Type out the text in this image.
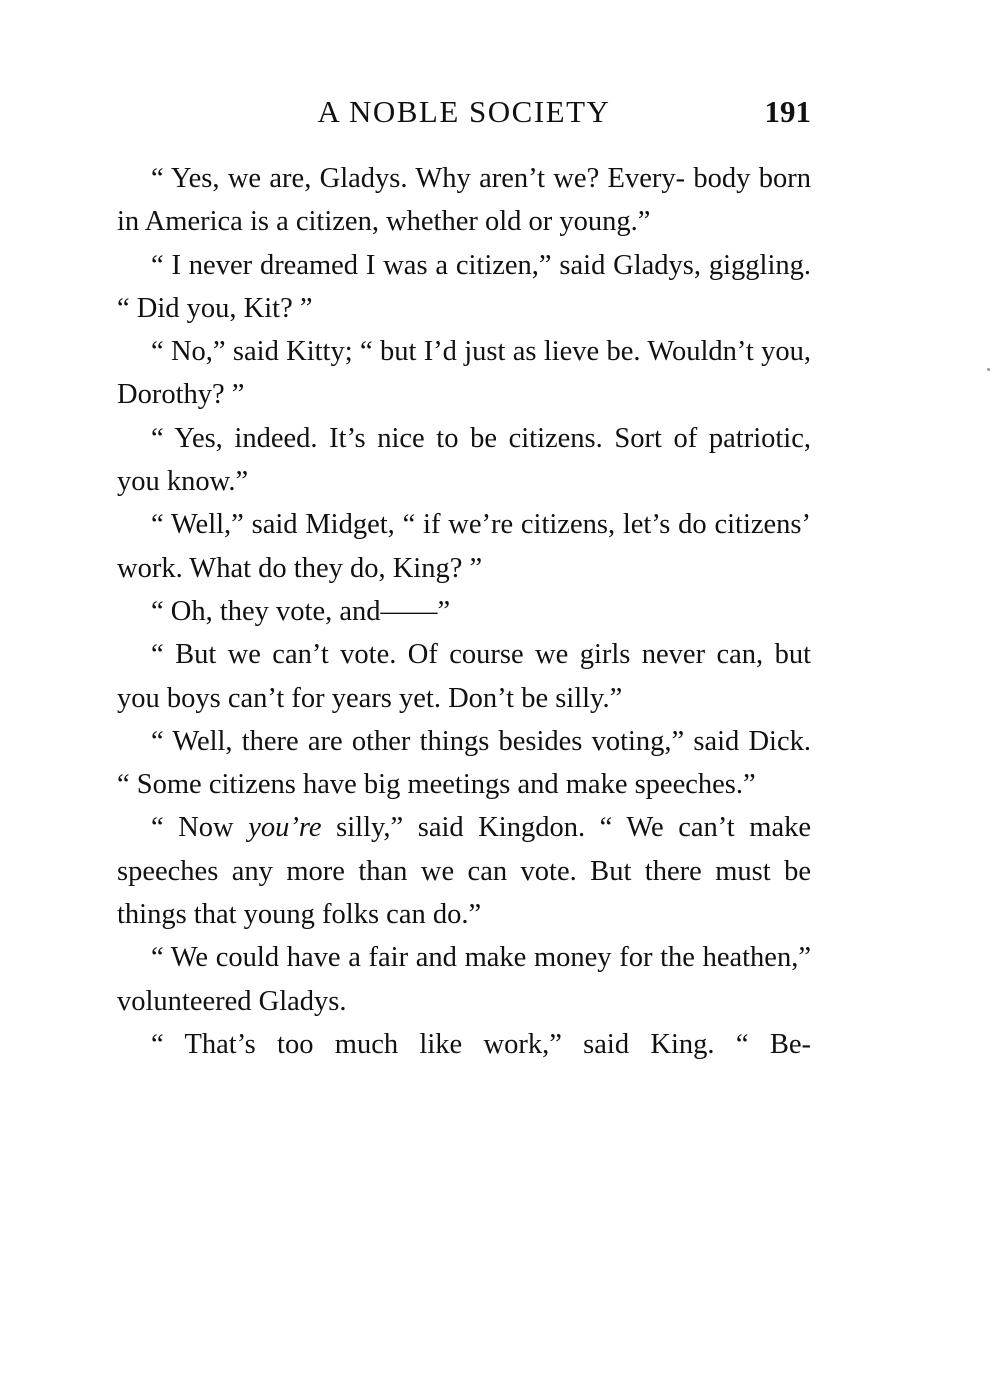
A NOBLE SOCIETY	191

“ Yes, we are, Gladys. Why aren’t we? Every- body born in America is a citizen, whether old or young.”

“ I never dreamed I was a citizen,” said Gladys, giggling. “ Did you, Kit? ”

“ No,” said Kitty; “ but I’d just as lieve be. Wouldn’t you, Dorothy? ”

“ Yes, indeed. It’s nice to be citizens. Sort of patriotic, you know.”

“ Well,” said Midget, “ if we’re citizens, let’s do citizens’ work. What do they do, King? ”

“ Oh, they vote, and——”

“ But we can’t vote. Of course we girls never can, but you boys can’t for years yet. Don’t be silly.”

“ Well, there are other things besides voting,” said Dick. “ Some citizens have big meetings and make speeches.”

“ Now you’re silly,” said Kingdon. “ We can’t make speeches any more than we can vote. But there must be things that young folks can do.”

“ We could have a fair and make money for the heathen,” volunteered Gladys.

“ That’s too much like work,” said King. “ Be-
